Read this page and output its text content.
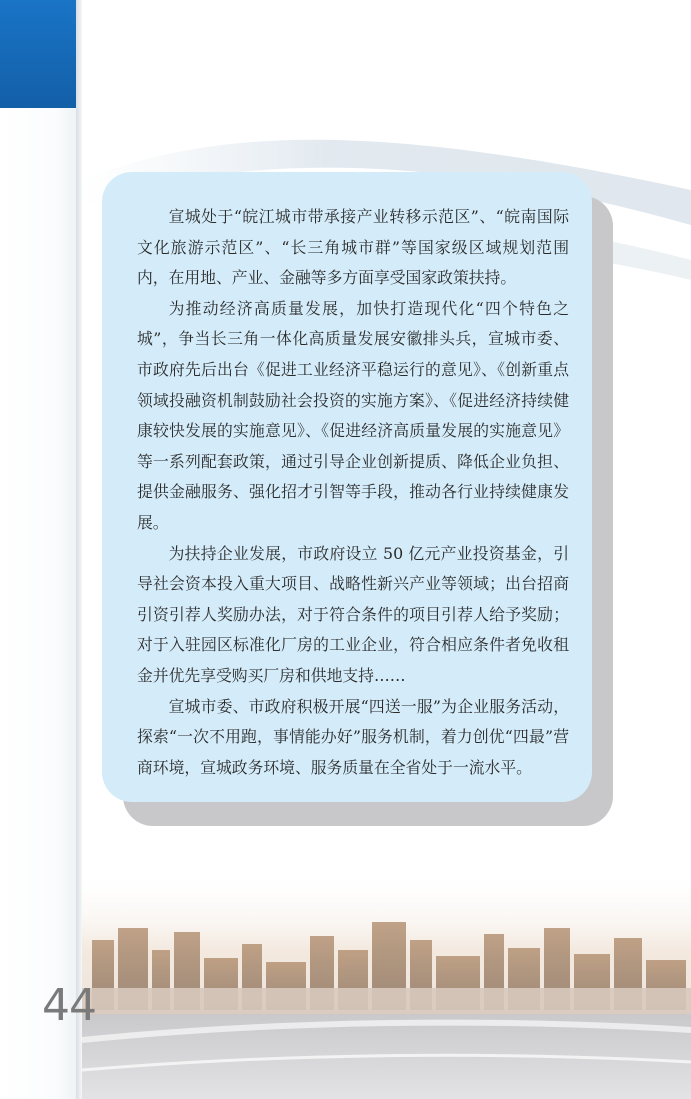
宣城处于“皖江城市带承接产业转移示范区”、“皖南国际文化旅游示范区”、“长三角城市群”等国家级区域规划范围内，在用地、产业、金融等多方面享受国家政策扶持。

为推动经济高质量发展，加快打造现代化“四个特色之城”，争当长三角一体化高质量发展安徽排头兵，宣城市委、市政府先后出台《促进工业经济平稳运行的意见》、《创新重点领域投融资机制鼓励社会投资的实施方案》、《促进经济持续健康较快发展的实施意见》、《促进经济高质量发展的实施意见》等一系列配套政策，通过引导企业创新提质、降低企业负担、提供金融服务、强化招才引智等手段，推动各行业持续健康发展。

为扶持企业发展，市政府设立 50 亿元产业投资基金，引导社会资本投入重大项目、战略性新兴产业等领域；出台招商引资引荐人奖励办法，对于符合条件的项目引荐人给予奖励；对于入驻园区标准化厂房的工业企业，符合相应条件者免收租金并优先享受购买厂房和供地支持……

宣城市委、市政府积极开展“四送一服”为企业服务活动，探索“一次不用跑，事情能办好”服务机制，着力创优“四最”营商环境，宣城政务环境、服务质量在全省处于一流水平。

44
